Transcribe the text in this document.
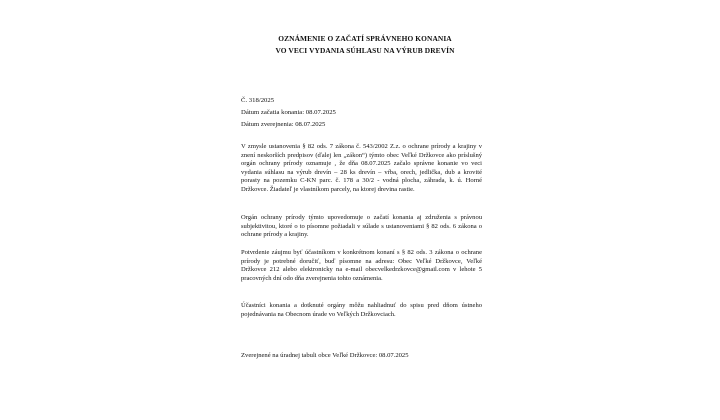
OZNÁMENIE O ZAČATÍ SPRÁVNEHO KONANIA
VO VECI VYDANIA SÚHLASU NA VÝRUB DREVÍN
Č. 318/2025
Dátum začatia konania: 08.07.2025
Dátum zverejnenia: 08.07.2025
V zmysle ustanovenia § 82 ods. 7 zákona č. 543/2002 Z.z. o ochrane prírody a krajiny v znení neskorších predpisov (ďalej len „zákon“) týmto obec Veľké Držkovce ako príslušný orgán ochrany prírody oznamuje , že dňa 08.07.2025 začalo správne konanie vo veci vydania súhlasu na výrub drevín – 28 ks drevín – vŕba, orech, jedlička, dub a krovité porasty na pozemku C-KN parc. č. 178 a 30/2 - vodná plocha, záhrada, k. ú. Horné Držkovce. Žiadateľ je vlastníkom parcely, na ktorej drevina rastie.
Orgán ochrany prírody týmto upovedomuje o začatí konania aj združenia s právnou subjektivitou, ktoré o to písomne požiadali v súlade s ustanoveniami § 82 ods. 6 zákona o ochrane prírody a krajiny.
Potvrdenie záujmu byť účastníkom v konkrétnom konaní s § 82 ods. 3 zákona o ochrane prírody je potrebné doručiť, buď písomne na adresu: Obec Veľké Držkovce, Veľké Držkovce 212 alebo elektronicky na e-mail obecvelkedrzkovce@gmail.com v lehote 5 pracovných dní odo dňa zverejnenia tohto oznámenia.
Účastníci konania a dotknuté orgány môžu nahliadnuť do spisu pred dňom ústneho pojednávania na Obecnom úrade vo Veľkých Držkovciach.
Zverejnené na úradnej tabuli obce Veľké Držkovce: 08.07.2025
